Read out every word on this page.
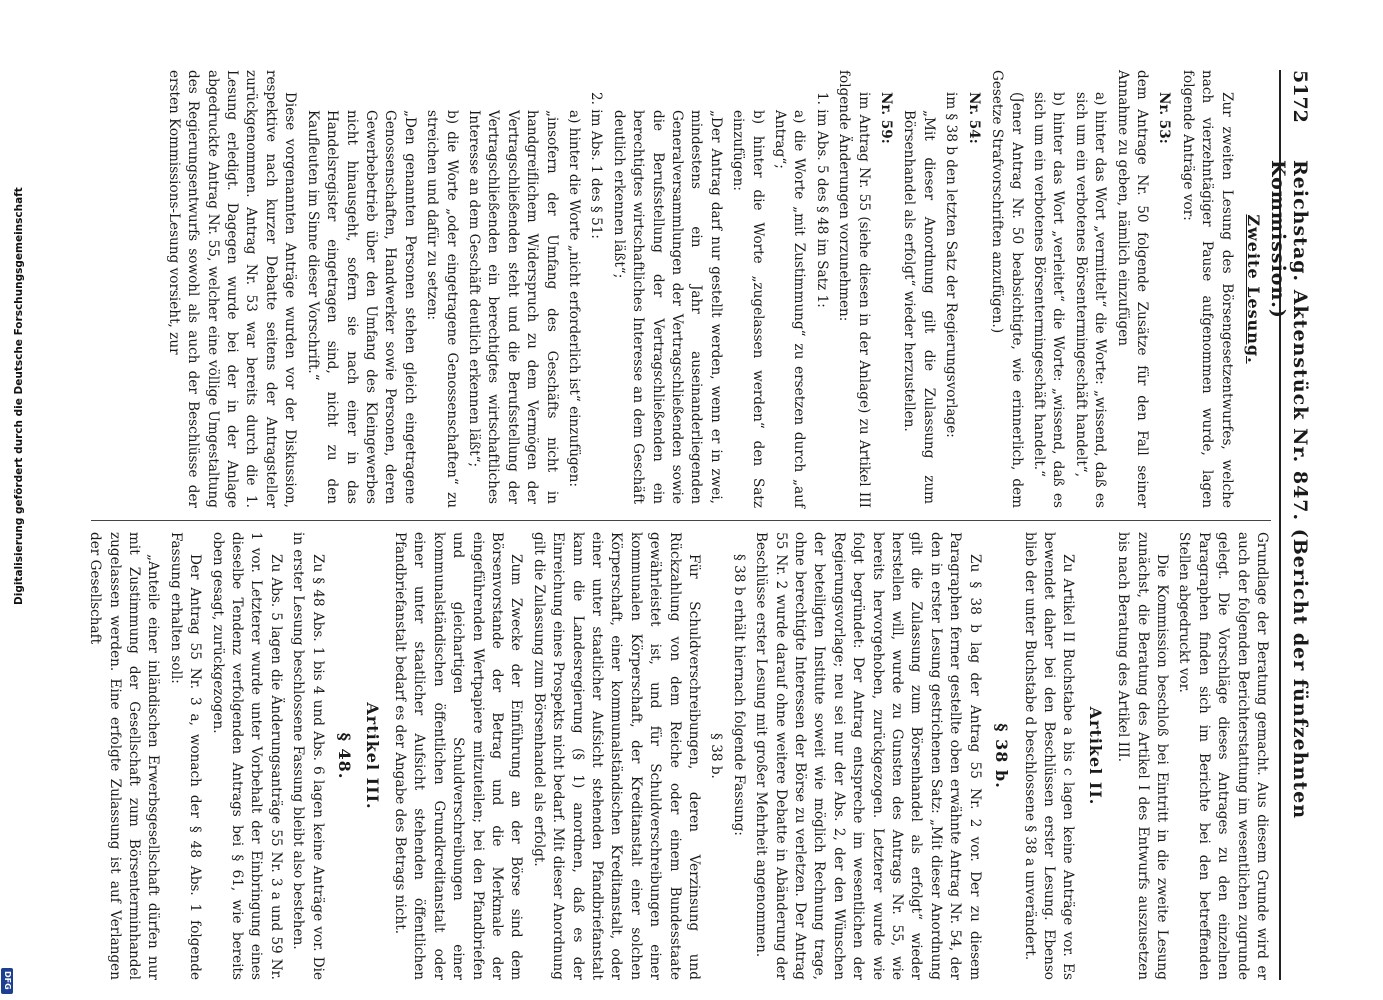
Digitalisierung gefördert durch die Deutsche Forschungsgemeinschaft
DFG
5172
Reichstag. Aktenstück Nr. 847. (Bericht der fünfzehnten Kommission.)
Zweite Lesung.

Zur zweiten Lesung des Börsengesetzentwurfes, welche nach vierzehntägiger Pause aufgenommen wurde, lagen folgende Anträge vor:

Nr. 53:

dem Antrage Nr. 50 folgende Zusätze für den Fall seiner Annahme zu geben, nämlich einzufügen

a) hinter das Wort „vermittelt“ die Worte: „wissend, daß es sich um ein verbotenes Börsentermingeschäft handelt“,

b) hinter das Wort „verleitet“ die Worte: „wissend, daß es sich um ein verbotenes Börsentermingeschäft handelt.“

(Jener Antrag Nr. 50 beabsichtigte, wie erinnerlich, dem Gesetze Strafvorschriften anzufügen.)

Nr. 54:

im § 38 b den letzten Satz der Regierungsvorlage:

„Mit dieser Anordnung gilt die Zulassung zum Börsenhandel als erfolgt“ wieder herzustellen.

Nr. 59:

im Antrag Nr. 55 (siehe diesen in der Anlage) zu Artikel III folgende Änderungen vorzunehmen:

1. im Abs. 5 des § 48 im Satz 1:

a) die Worte „mit Zustimmung“ zu ersetzen durch „auf Antrag“;

b) hinter die Worte „zugelassen werden“ den Satz einzufügen:

„Der Antrag darf nur gestellt werden, wenn er in zwei, mindestens ein Jahr auseinanderliegenden Generalversammlungen der Vertragschließenden sowie die Berufsstellung der Vertragschließenden ein berechtigtes wirtschaftliches Interesse an dem Geschäft deutlich erkennen läßt“;

2. im Abs. 1 des § 51:

a) hinter die Worte „nicht erforderlich ist“ einzufügen:

„insofern der Umfang des Geschäfts nicht in handgreiflichem Widerspruch zu dem Vermögen der Vertragschließenden steht und die Berufsstellung der Vertragschließenden ein berechtigtes wirtschaftliches Interesse an dem Geschäft deutlich erkennen läßt“;

b) die Worte „oder eingetragene Genossenschaften“ zu streichen und dafür zu setzen:

„Den genannten Personen stehen gleich eingetragene Genossenschaften, Handwerker sowie Personen, deren Gewerbebetrieb über den Umfang des Kleingewerbes nicht hinausgeht, sofern sie nach einer in das Handelsregister eingetragen sind, nicht zu den Kaufleuten im Sinne dieser Vorschrift.“

Diese vorgenannten Anträge wurden vor der Diskussion, respektive nach kurzer Debatte seitens der Antragsteller zurückgenommen. Antrag Nr. 53 war bereits durch die 1. Lesung erledigt. Dagegen wurde bei der in der Anlage abgedruckte Antrag Nr. 55, welcher eine völlige Umgestaltung des Regierungsentwurfs sowohl als auch der Beschlüsse der ersten Kommissions-Lesung vorsieht, zur

Grundlage der Beratung gemacht. Aus diesem Grunde wird er auch der folgenden Berichterstattung im wesentlichen zugrunde gelegt. Die Vorschläge dieses Antrages zu den einzelnen Paragraphen finden sich im Berichte bei den betreffenden Stellen abgedruckt vor.

Die Kommission beschloß bei Eintritt in die zweite Lesung zunächst, die Beratung des Artikel I des Entwurfs auszusetzen bis nach Beratung des Artikel III.

Artikel II.

Zu Artikel II Buchstabe a bis c lagen keine Anträge vor. Es bewendet daher bei den Beschlüssen erster Lesung. Ebenso blieb der unter Buchstabe d beschlossene § 38 a unverändert.

§ 38 b.

Zu § 38 b lag der Antrag 55 Nr. 2 vor. Der zu diesem Paragraphen ferner gestellte oben erwähnte Antrag Nr. 54, der den in erster Lesung gestrichenen Satz: „Mit dieser Anordnung gilt die Zulassung zum Börsenhandel als erfolgt“ wieder herstellen will, wurde zu Gunsten des Antrags Nr. 55, wie bereits hervorgehoben, zurückgezogen. Letzterer wurde wie folgt begründet: Der Antrag entspreche im wesentlichen der Regierungsvorlage; neu sei nur der Abs. 2, der den Wünschen der beteiligten Institute soweit wie möglich Rechnung trage, ohne berechtigte Interessen der Börse zu verletzen. Der Antrag 55 Nr. 2 wurde darauf ohne weitere Debatte in Abänderung der Beschlüsse erster Lesung mit großer Mehrheit angenommen.

§ 38 b erhält hiernach folgende Fassung:

§ 38 b.

Für Schuldverschreibungen, deren Verzinsung und Rückzahlung von dem Reiche oder einem Bundesstaate gewährleistet ist, und für Schuldverschreibungen einer kommunalen Körperschaft, der Kreditanstalt einer solchen Körperschaft, einer kommunalständischen Kreditanstalt, oder einer unter staatlicher Aufsicht stehenden Pfandbriefanstalt kann die Landesregierung (§ 1) anordnen, daß es der Einreichung eines Prospekts nicht bedarf. Mit dieser Anordnung gilt die Zulassung zum Börsenhandel als erfolgt.

Zum Zwecke der Einführung an der Börse sind dem Börsenvorstande der Betrag und die Merkmale der eingeführenden Wertpapiere mitzuteilen; bei den Pfandbriefen und gleichartigen Schuldverschreibungen einer kommunalständischen öffentlichen Grundkreditanstalt oder einer unter staatlicher Aufsicht stehenden öffentlichen Pfandbriefanstalt bedarf es der Angabe des Betrags nicht.

Artikel III.
§ 48.

Zu § 48 Abs. 1 bis 4 und Abs. 6 lagen keine Anträge vor. Die in erster Lesung beschlossene Fassung bleibt also bestehen.

Zu Abs. 5 lagen die Änderungsanträge 55 Nr. 3 a und 59 Nr. 1 vor. Letzterer wurde unter Vorbehalt der Einbringung eines dieselbe Tendenz verfolgenden Antrags bei § 61, wie bereits oben gesagt, zurückgezogen.

Der Antrag 55 Nr. 3 a, wonach der § 48 Abs. 1 folgende Fassung erhalten soll:

„Anteile einer inländischen Erwerbsgesellschaft dürfen nur mit Zustimmung der Gesellschaft zum Börsenterminhandel zugelassen werden. Eine erfolgte Zulassung ist auf Verlangen der Gesellschaft
